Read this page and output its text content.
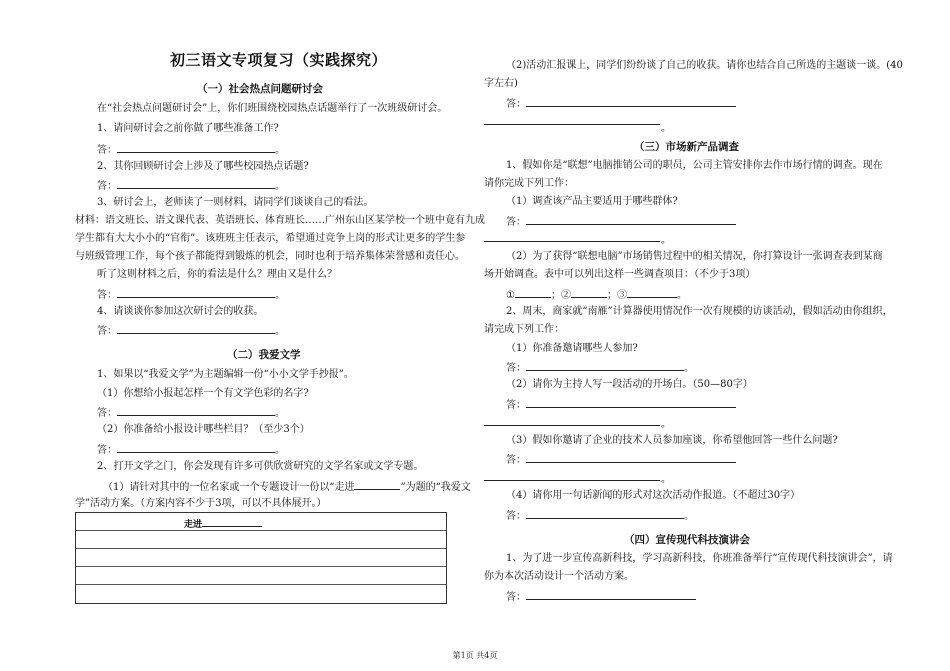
初三语文专项复习（实践探究）
（一）社会热点问题研讨会
在“社会热点问题研讨会”上，你们班围绕校园热点话题举行了一次班级研讨会。
1、请问研讨会之前你做了哪些准备工作?
答：	。
2、其你回顾研讨会上涉及了哪些校园热点话题?
答：	。
3、研讨会上，老师读了一则材料，请同学们谈谈自己的看法。
材料：语文班长、语文课代表、英语班长、体育班长……广州东山区某学校一个班中竟有九成
学生都有大大小小的“官衔”。该班班主任表示，希望通过竞争上岗的形式让更多的学生参
与班级管理工作，每个孩子都能得到锻炼的机会，同时也利于培养集体荣誉感和责任心。
听了这则材料之后，你的看法是什么？理由又是什么？
答：	。
4、请谈谈你参加这次研讨会的收获。
答：	。
（二）我爱文学
1、如果以“我爱文学”为主题编辑一份“小小文学手抄报”。
（1）你想给小报起怎样一个有文学色彩的名字?
答：	。
（2）你准备给小报设计哪些栏目？（至少3个）
答：	。
2、打开文学之门，你会发现有许多可供欣赏研究的文学名家或文学专题。
（1）请针对其中的一位名家或一个专题设计一份以“走进	”为题的“我爱文
学”活动方案。（方案内容不少于3项，可以不具体展开。）
走进
（2)活动汇报课上，同学们纷纷谈了自己的收获。请你也结合自己所选的主题谈一谈。(40
字左右)
答：
。
（三）市场新产品调查
1、假如你是“联想”电脑推销公司的职员，公司主管安排你去作市场行情的调查。现在
请你完成下列工作：
（1）调查该产品主要适用于哪些群体?
答：
。
（2）为了获得“联想电脑”市场销售过程中的相关情况，你打算设计一张调查表到某商
场开始调查。表中可以列出这样一些调查项目：（不少于3项）
①	；②	；③	。
2、周末，商家就“南雁”计算器使用情况作一次有规模的访谈活动，假如活动由你组织，
请完成下列工作：
（1）你准备邀请哪些人参加?
答：	。
（2）请你为主持人写一段活动的开场白。（50—80字）
答：
。
（3）假如你邀请了企业的技术人员参加座谈，你希望他回答一些什么问题?
答：
。
（4）请你用一句话新闻的形式对这次活动作报道。（不超过30字）
答：	。
（四）宣传现代科技演讲会
1、为了进一步宣传高新科技，学习高新科技，你班准备举行“宣传现代科技演讲会”，请
你为本次活动设计一个活动方案。
答：
第1页 共4页
